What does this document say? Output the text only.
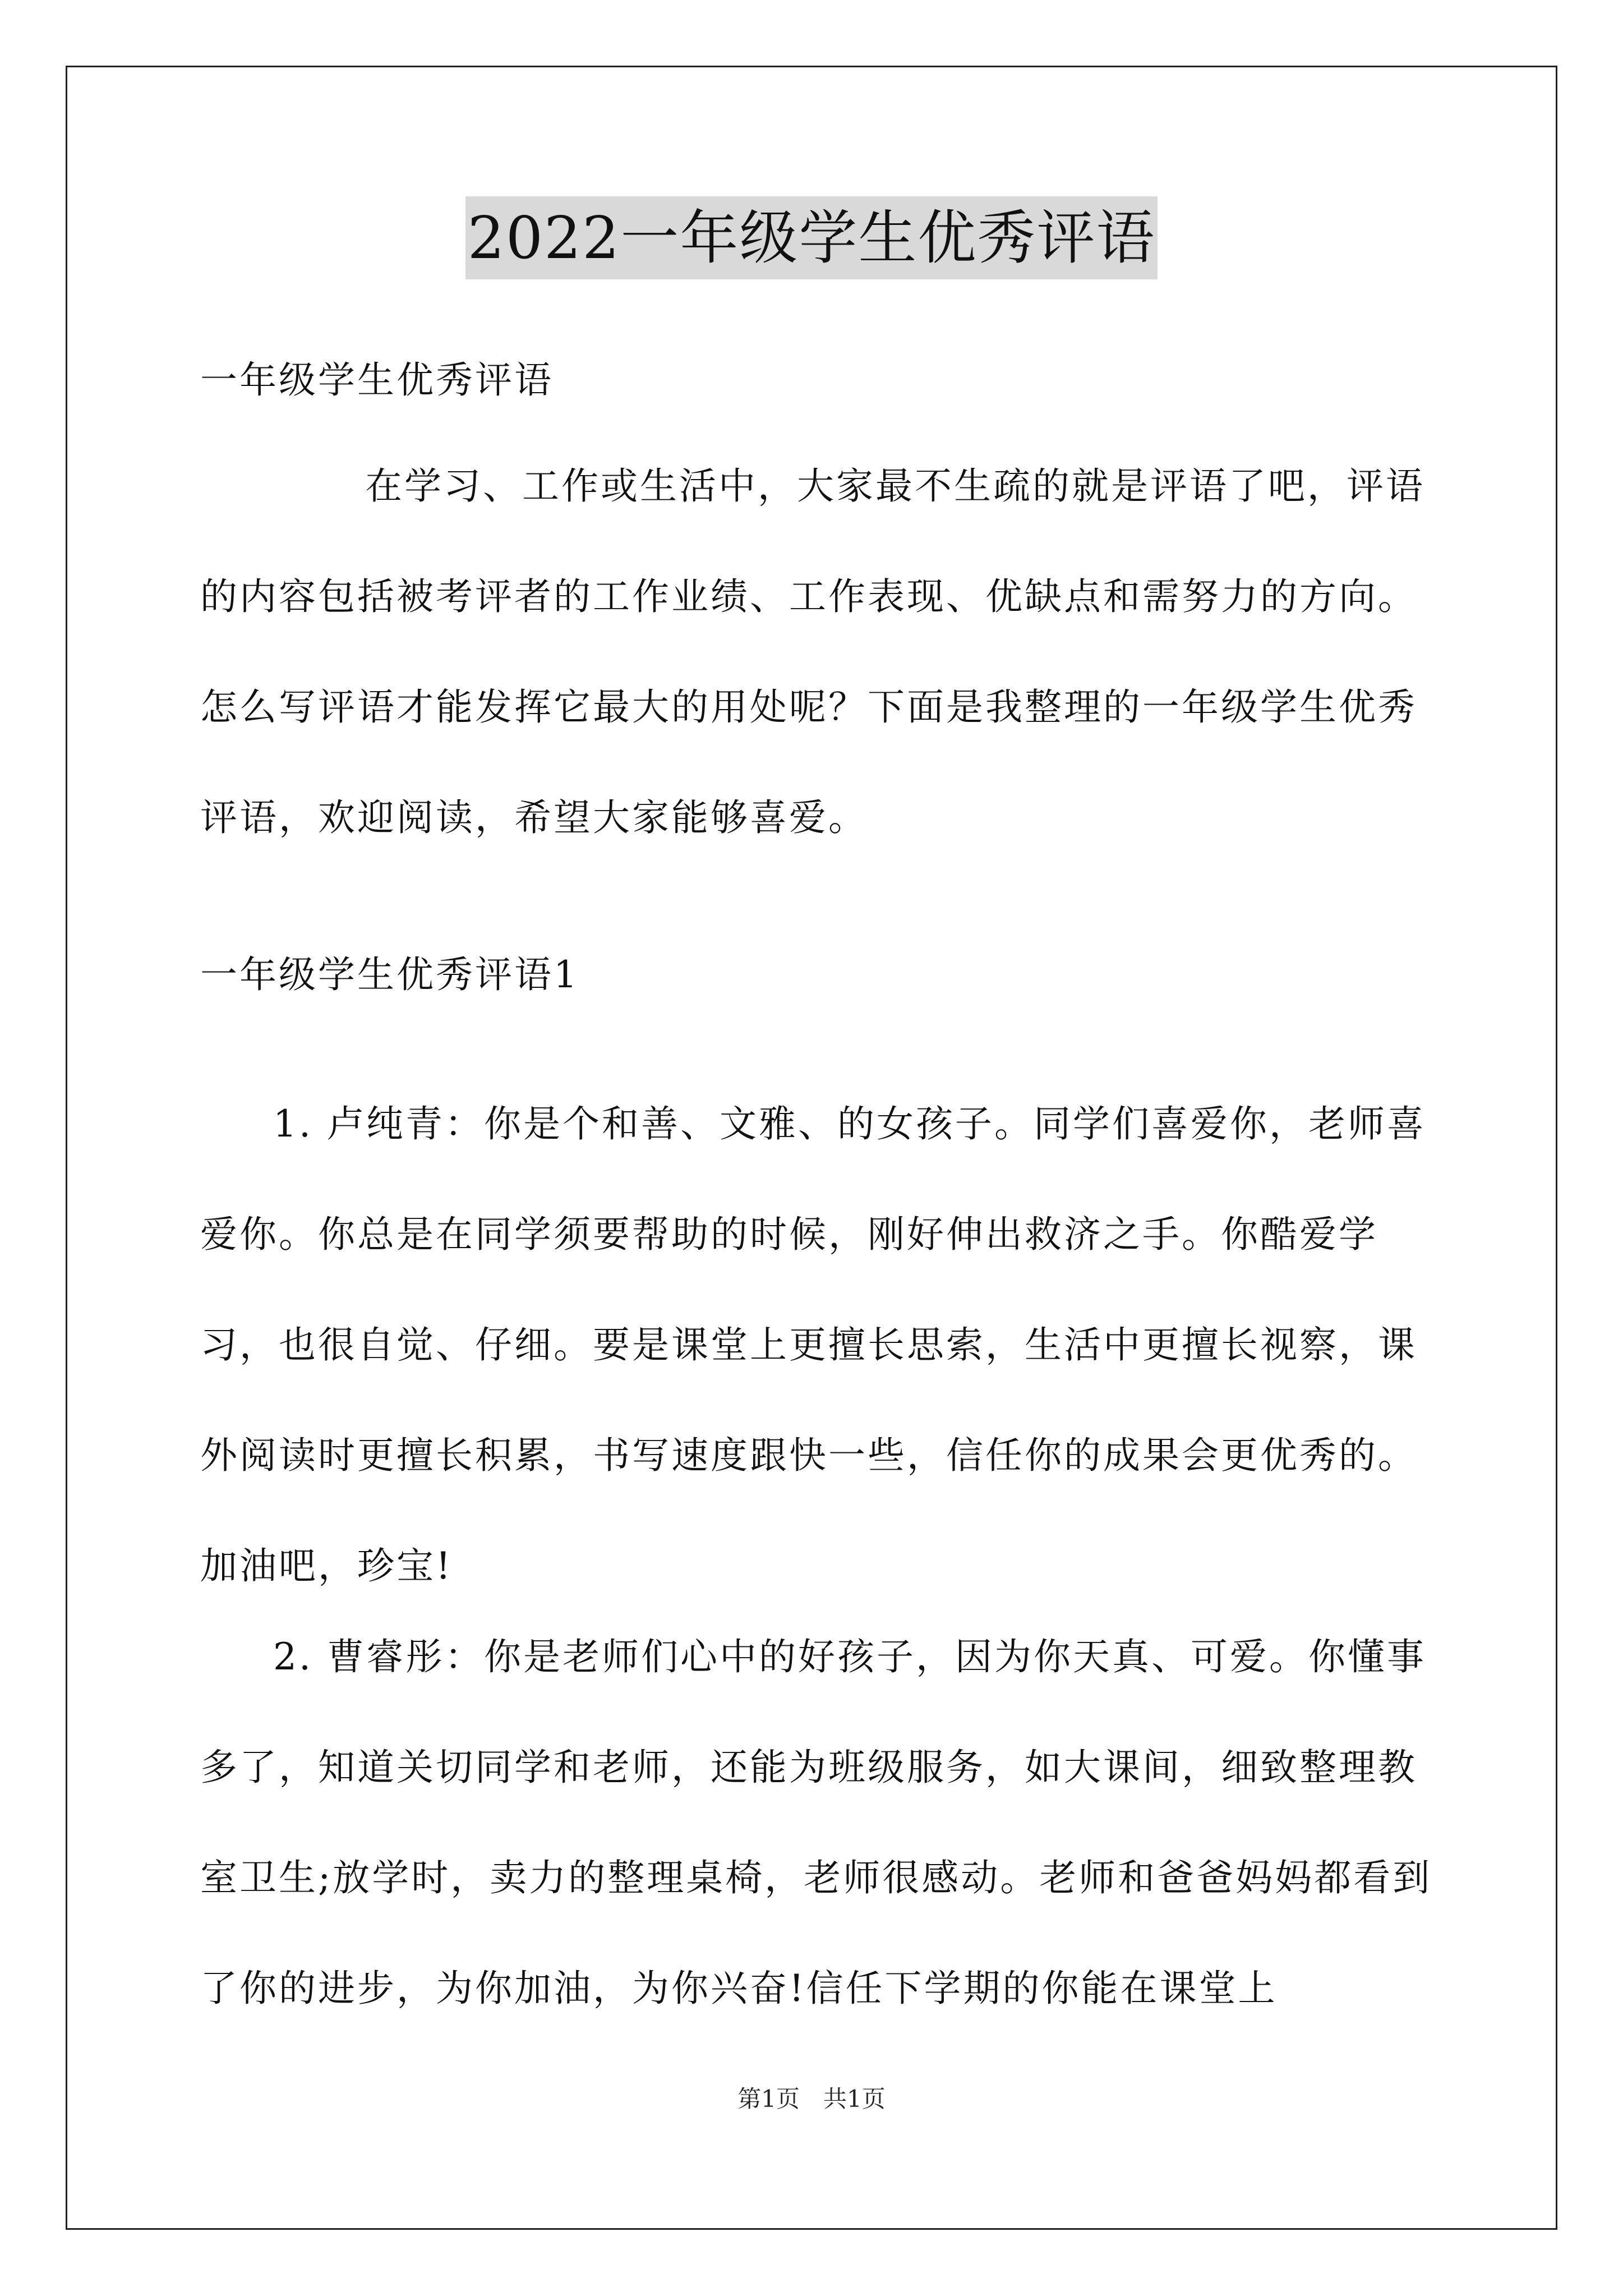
2022一年级学生优秀评语
一年级学生优秀评语
在学习、工作或生活中，大家最不生疏的就是评语了吧，评语的内容包括被考评者的工作业绩、工作表现、优缺点和需努力的方向。怎么写评语才能发挥它最大的用处呢？下面是我整理的一年级学生优秀评语，欢迎阅读，希望大家能够喜爱。
一年级学生优秀评语1
1. 卢纯青：你是个和善、文雅、的女孩子。同学们喜爱你，老师喜爱你。你总是在同学须要帮助的时候，刚好伸出救济之手。你酷爱学习，也很自觉、仔细。要是课堂上更擅长思索，生活中更擅长视察，课外阅读时更擅长积累，书写速度跟快一些，信任你的成果会更优秀的。加油吧，珍宝!
2. 曹睿彤：你是老师们心中的好孩子，因为你天真、可爱。你懂事多了，知道关切同学和老师，还能为班级服务，如大课间，细致整理教室卫生;放学时，卖力的整理桌椅，老师很感动。老师和爸爸妈妈都看到了你的进步，为你加油，为你兴奋!信任下学期的你能在课堂上
第1页　共1页
